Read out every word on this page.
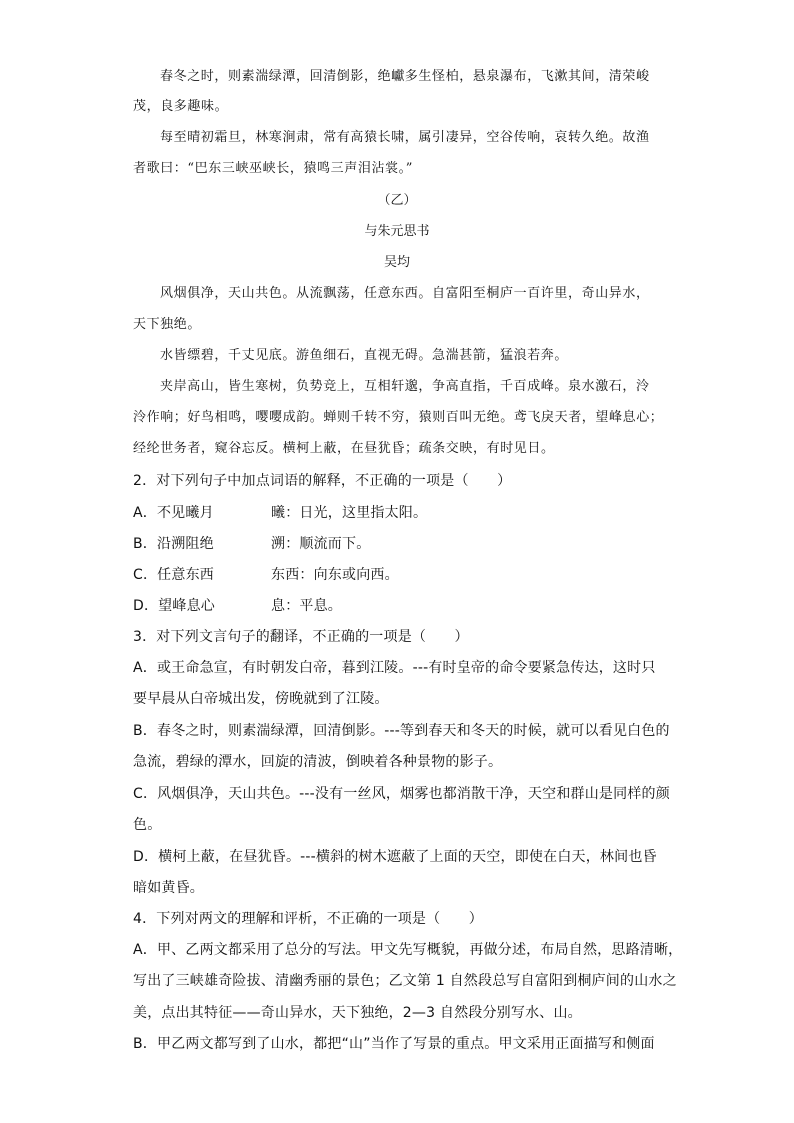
春冬之时，则素湍绿潭，回清倒影，绝巘多生怪柏，悬泉瀑布，飞漱其间，清荣峻
茂，良多趣味。
每至晴初霜旦，林寒涧肃，常有高猿长啸，属引凄异，空谷传响，哀转久绝。故渔
者歌曰：“巴东三峡巫峡长，猿鸣三声泪沾裳。”
（乙）
与朱元思书
吴均
风烟俱净，天山共色。从流飘荡，任意东西。自富阳至桐庐一百许里，奇山异水，
天下独绝。
水皆缥碧，千丈见底。游鱼细石，直视无碍。急湍甚箭，猛浪若奔。
夹岸高山，皆生寒树，负势竞上，互相轩邈，争高直指，千百成峰。泉水激石，泠
泠作响；好鸟相鸣，嘤嘤成韵。蝉则千转不穷，猿则百叫无绝。鸢飞戾天者，望峰息心；
经纶世务者，窥谷忘反。横柯上蔽，在昼犹昏；疏条交映，有时见日。
2．对下列句子中加点词语的解释，不正确的一项是（　　）
A．不见曦月	曦：日光，这里指太阳。
B．沿溯阻绝	溯：顺流而下。
C．任意东西	东西：向东或向西。
D．望峰息心	息：平息。
3．对下列文言句子的翻译，不正确的一项是（　　）
A．或王命急宣，有时朝发白帝，暮到江陵。---有时皇帝的命令要紧急传达，这时只
要早晨从白帝城出发，傍晚就到了江陵。
B．春冬之时，则素湍绿潭，回清倒影。---等到春天和冬天的时候，就可以看见白色的
急流，碧绿的潭水，回旋的清波，倒映着各种景物的影子。
C．风烟俱净，天山共色。---没有一丝风，烟雾也都消散干净，天空和群山是同样的颜
色。
D．横柯上蔽，在昼犹昏。---横斜的树木遮蔽了上面的天空，即使在白天，林间也昏
暗如黄昏。
4．下列对两文的理解和评析，不正确的一项是（　　）
A．甲、乙两文都采用了总分的写法。甲文先写概貌，再做分述，布局自然，思路清晰，
写出了三峡雄奇险拔、清幽秀丽的景色；乙文第 1 自然段总写自富阳到桐庐间的山水之
美，点出其特征——奇山异水，天下独绝，2—3 自然段分别写水、山。
B．甲乙两文都写到了山水，都把“山”当作了写景的重点。甲文采用正面描写和侧面
